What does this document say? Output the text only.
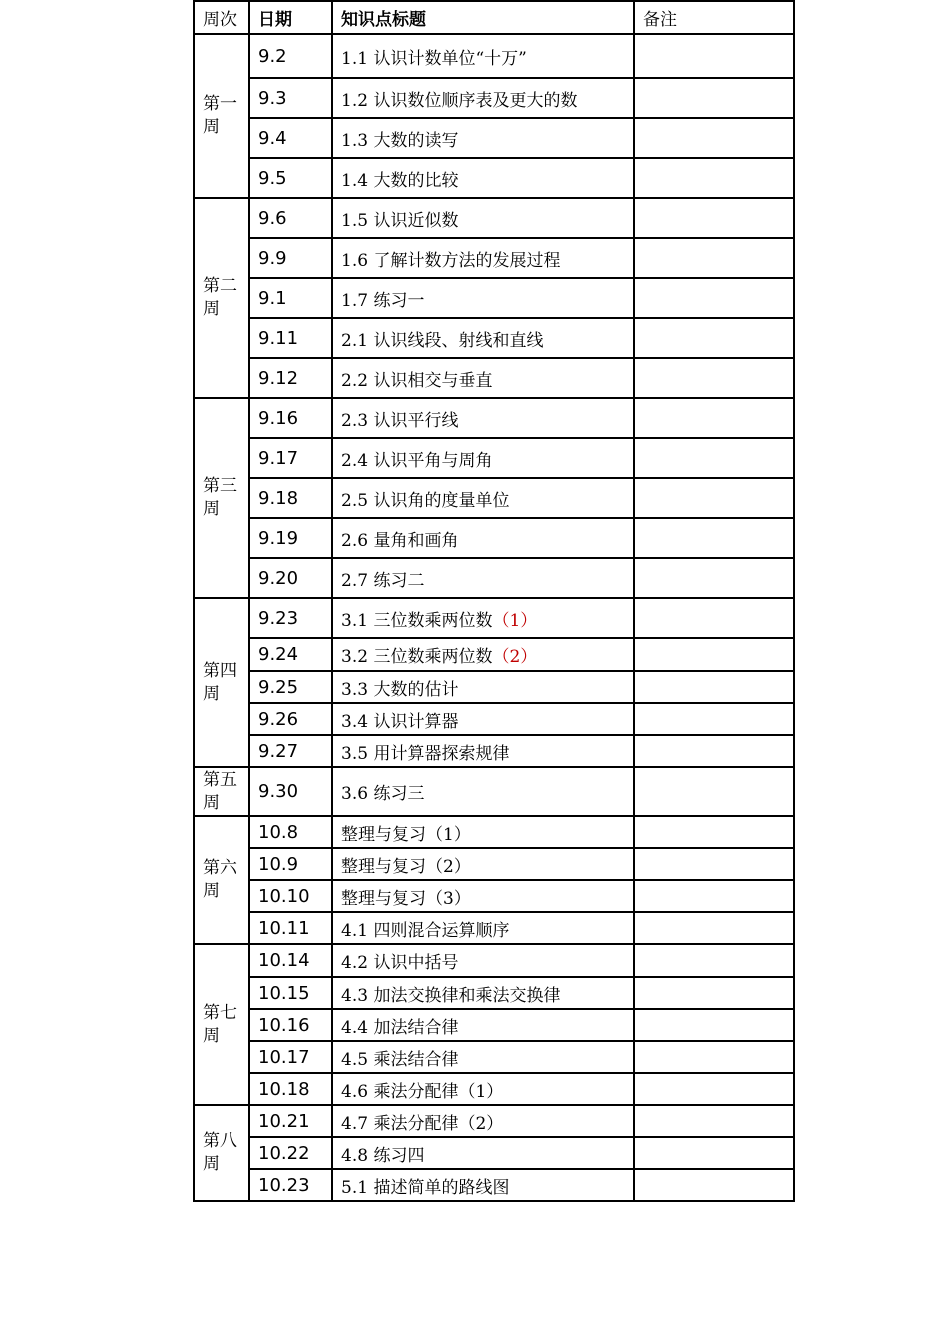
周次	日期	知识点标题	备注
第一周	9.2	1.1 认识计数单位“十万”	
	9.3	1.2 认识数位顺序表及更大的数	
	9.4	1.3 大数的读写	
	9.5	1.4 大数的比较	
第二周	9.6	1.5 认识近似数	
	9.9	1.6 了解计数方法的发展过程	
	9.1	1.7 练习一	
	9.11	2.1 认识线段、射线和直线	
	9.12	2.2 认识相交与垂直	
第三周	9.16	2.3 认识平行线	
	9.17	2.4 认识平角与周角	
	9.18	2.5 认识角的度量单位	
	9.19	2.6 量角和画角	
	9.20	2.7 练习二	
第四周	9.23	3.1 三位数乘两位数（1）	
	9.24	3.2 三位数乘两位数（2）	
	9.25	3.3 大数的估计	
	9.26	3.4 认识计算器	
	9.27	3.5 用计算器探索规律	
第五周	9.30	3.6 练习三	
第六周	10.8	整理与复习（1）	
	10.9	整理与复习（2）	
	10.10	整理与复习（3）	
	10.11	4.1 四则混合运算顺序	
第七周	10.14	4.2 认识中括号	
	10.15	4.3 加法交换律和乘法交换律	
	10.16	4.4 加法结合律	
	10.17	4.5 乘法结合律	
	10.18	4.6 乘法分配律（1）	
第八周	10.21	4.7 乘法分配律（2）	
	10.22	4.8 练习四	
	10.23	5.1 描述简单的路线图	
